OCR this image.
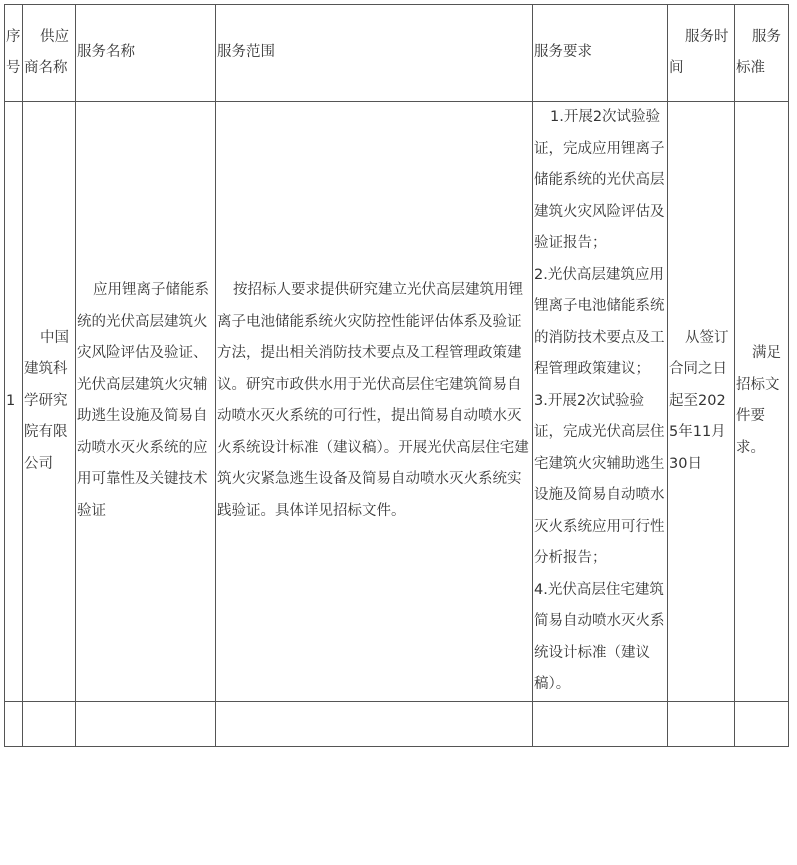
序号	供应商名称	服务名称	服务范围	服务要求	服务时间	服务标准
1	中国建筑科学研究院有限公司	应用锂离子储能系统的光伏高层建筑火灾风险评估及验证、光伏高层建筑火灾辅助逃生设施及简易自动喷水灭火系统的应用可靠性及关键技术验证	按招标人要求提供研究建立光伏高层建筑用锂离子电池储能系统火灾防控性能评估体系及验证方法，提出相关消防技术要点及工程管理政策建议。研究市政供水用于光伏高层住宅建筑简易自动喷水灭火系统的可行性，提出简易自动喷水灭火系统设计标准（建议稿）。开展光伏高层住宅建筑火灾紧急逃生设备及简易自动喷水灭火系统实践验证。具体详见招标文件。	1.开展2次试验验证，完成应用锂离子储能系统的光伏高层建筑火灾风险评估及验证报告；
2.光伏高层建筑应用锂离子电池储能系统的消防技术要点及工程管理政策建议；
3.开展2次试验验证，完成光伏高层住宅建筑火灾辅助逃生设施及简易自动喷水灭火系统应用可行性分析报告；
4.光伏高层住宅建筑简易自动喷水灭火系统设计标准（建议稿）。	从签订合同之日起至2025年11月30日	满足招标文件要求。
